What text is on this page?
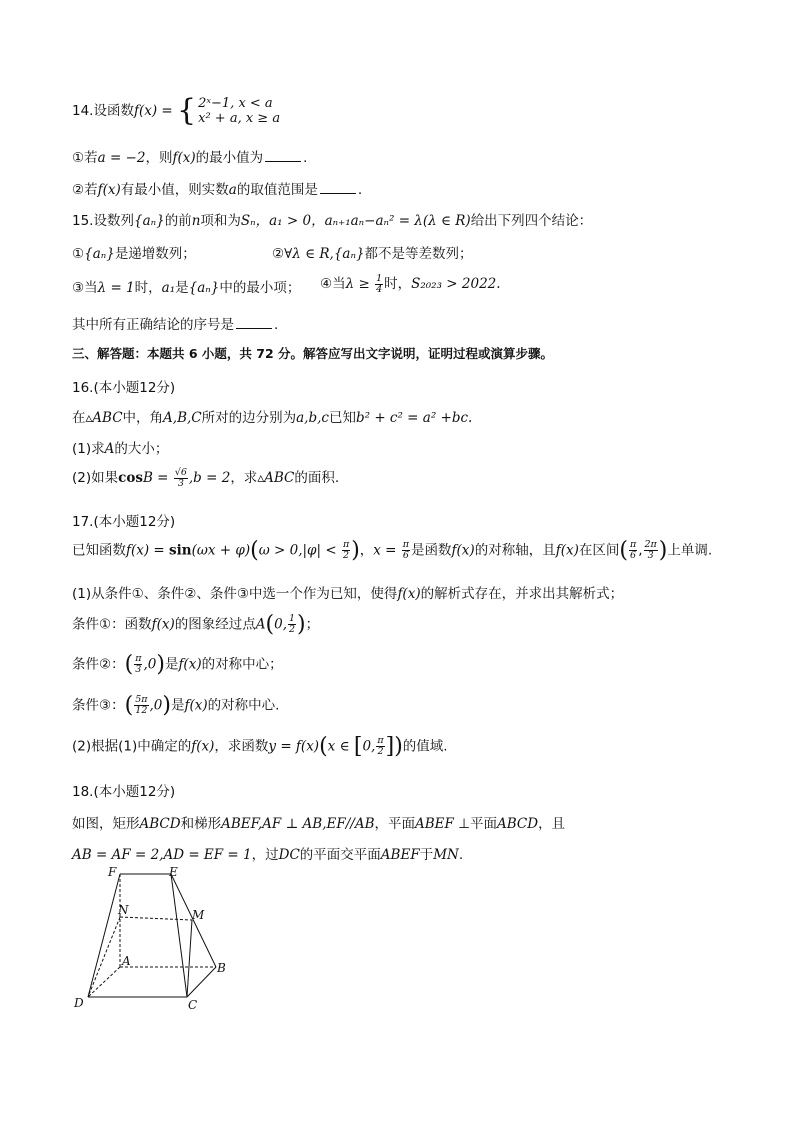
14.设函数f(x) = { 2ˣ−1, x < a
x² + a, x ≥ a
①若a = −2，则f(x)的最小值为	.
②若f(x)有最小值，则实数a的取值范围是	.
15.设数列{aₙ}的前n项和为Sₙ，a₁ > 0，aₙ₊₁aₙ−aₙ² = λ(λ ∈ R)给出下列四个结论：
①{aₙ}是递增数列；	②∀λ ∈ R,{aₙ}都不是等差数列；
③当λ = 1时，a₁是{aₙ}中的最小项； ④当$\lambda \ge \frac{1}{4}$ 时，S₂₀₂₃ > 2022.
其中所有正确结论的序号是	.
三、解答题：本题共 6 小题，共 72 分。解答应写出文字说明，证明过程或演算步骤。
16.(本小题12分)
在▵ABC中，角A,B,C所对的边分别为a,b,c已知b² + c² = a² +bc.
(1)求A的大小；
(2)如果$\cos B = \frac{√6}{3} ,b = 2$，求▵ABC的面积.
17.(本小题12分)
已知函数$f(x) = \sin(\omega x + \varphi)(\omega > 0,|\varphi| < \frac{\pi}{2}$ )，$x = \frac{\pi}{6}$ 是函数f(x)的对称轴，且f(x)在区间( $\frac{\pi}{6}$ , $\frac{2\pi}{3}$ )上单调.
(1)从条件①、条件②、条件③中选一个作为已知，使得f(x)的解析式存在，并求出其解析式；
条件①：函数f(x)的图象经过点A(0, $\frac{1}{2}$ )；
条件②：( $\frac{\pi}{3} ,0$)是f(x)的对称中心；
条件③：( $\frac{5\pi}{12} ,0$)是f(x)的对称中心.
(2)根据(1)中确定的f(x)，求函数y = f(x)(x ∈ [0, $\frac{\pi}{2}$ ])的值域.
18.(本小题12分)
如图，矩形ABCD和梯形ABEF,AF ⊥ AB,EF//AB，平面ABEF ⊥平面ABCD，且
AB = AF = 2,AD = EF = 1，过DC的平面交平面ABEF于MN.
F	E
N	M
A	B
D	C
